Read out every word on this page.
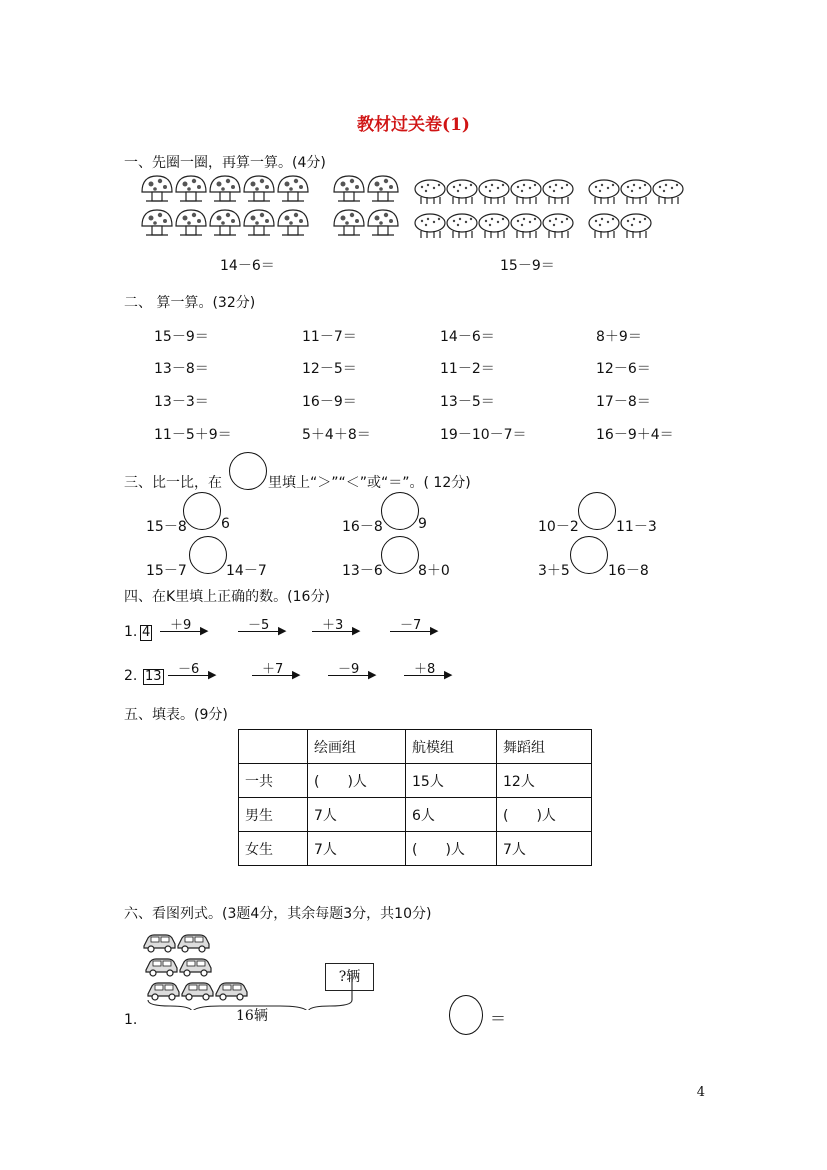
教材过关卷(1)
一、先圈一圈，再算一算。(4分)
14－6＝	15－9＝
二、 算一算。(32分)
15－9＝	11－7＝	14－6＝	8＋9＝
13－8＝	12－5＝	11－2＝	12－6＝
13－3＝	16－9＝	13－5＝	17－8＝
11－5＋9＝	5＋4＋8＝	19－10－7＝	16－9＋4＝
三、比一比，在	里填上“＞”“＜”或“＝”。( 12分)
15－8 6	16－8	9	10－2	11－3
15－7	14－7	13－6	8＋0	3＋5	16－8
四、在K里填上正确的数。(16分)
1. 4 ＋9 ▶	－5 ▶	＋3 ▶	－7 ▶
2. 13 －6 ▶	＋7 ▶	－9 ▶	＋8 ▶
五、填表。(9分)
	绘画组	航模组	舞蹈组
一共	(　　)人	15人	12人
男生	7人	6人	(　　)人
女生	7人	(　　)人	7人
六、看图列式。(3题4分，其余每题3分，共10分)
?辆
16辆
1.	＝
4
